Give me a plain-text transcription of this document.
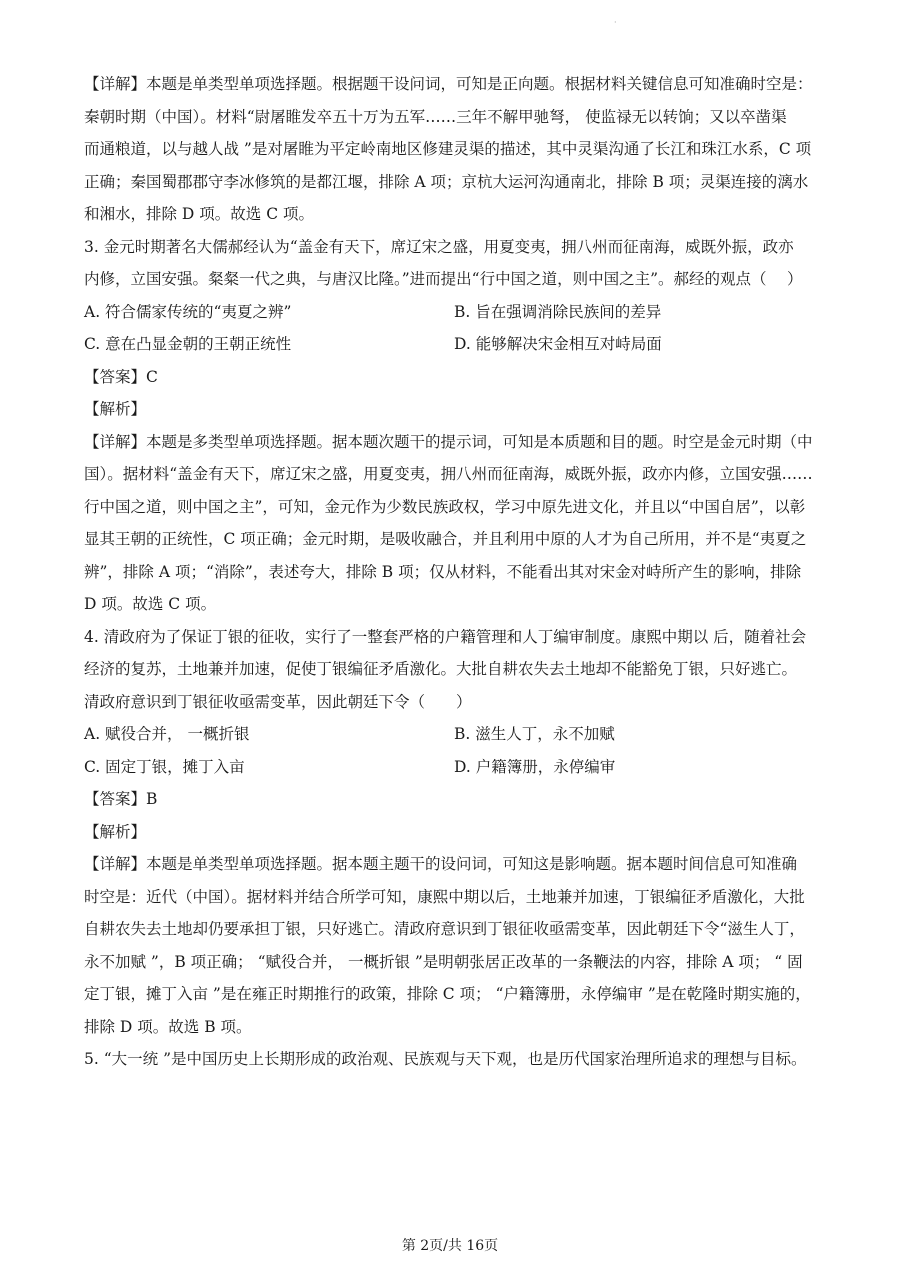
·

【详解】本题是单类型单项选择题。根据题干设问词，可知是正向题。根据材料关键信息可知准确时空是：

秦朝时期（中国）。材料“尉屠睢发卒五十万为五军……三年不解甲驰弩， 使监禄无以转饷；又以卒凿渠

而通粮道，以与越人战 ”是对屠睢为平定岭南地区修建灵渠的描述，其中灵渠沟通了长江和珠江水系，C 项

正确；秦国蜀郡郡守李冰修筑的是都江堰，排除 A 项；京杭大运河沟通南北，排除 B 项；灵渠连接的漓水

和湘水，排除 D 项。故选 C 项。

3. 金元时期著名大儒郝经认为“盖金有天下，席辽宋之盛，用夏变夷，拥八州而征南海，威既外振，政亦

内修，立国安强。粲粲一代之典，与唐汉比隆。”进而提出“行中国之道，则中国之主”。郝经的观点（　 ）

A. 符合儒家传统的“夷夏之辨”	B. 旨在强调消除民族间的差异
C. 意在凸显金朝的王朝正统性	D. 能够解决宋金相互对峙局面

【答案】C

【解析】

【详解】本题是多类型单项选择题。据本题次题干的提示词，可知是本质题和目的题。时空是金元时期（中

国）。据材料“盖金有天下，席辽宋之盛，用夏变夷，拥八州而征南海，威既外振，政亦内修，立国安强……

行中国之道，则中国之主”，可知，金元作为少数民族政权，学习中原先进文化，并且以“中国自居”，以彰

显其王朝的正统性，C 项正确；金元时期，是吸收融合，并且利用中原的人才为自己所用，并不是“夷夏之

辨”，排除 A 项；“消除”，表述夸大，排除 B 项；仅从材料，不能看出其对宋金对峙所产生的影响，排除

D 项。故选 C 项。

4. 清政府为了保证丁银的征收，实行了一整套严格的户籍管理和人丁编审制度。康熙中期以 后，随着社会

经济的复苏，土地兼并加速，促使丁银编征矛盾激化。大批自耕农失去土地却不能豁免丁银，只好逃亡。

清政府意识到丁银征收亟需变革，因此朝廷下令（　　）

A. 赋役合并， 一概折银	B. 滋生人丁，永不加赋
C. 固定丁银，摊丁入亩	D. 户籍簿册，永停编审

【答案】B

【解析】

【详解】本题是单类型单项选择题。据本题主题干的设问词，可知这是影响题。据本题时间信息可知准确

时空是：近代（中国）。据材料并结合所学可知，康熙中期以后，土地兼并加速，丁银编征矛盾激化，大批

自耕农失去土地却仍要承担丁银，只好逃亡。清政府意识到丁银征收亟需变革，因此朝廷下令“滋生人丁，

永不加赋 ”，B 项正确； “赋役合并， 一概折银 ”是明朝张居正改革的一条鞭法的内容，排除 A 项； “ 固

定丁银，摊丁入亩 ”是在雍正时期推行的政策，排除 C 项； “户籍簿册，永停编审 ”是在乾隆时期实施的，

排除 D 项。故选 B 项。

5. “大一统 ”是中国历史上长期形成的政治观、民族观与天下观，也是历代国家治理所追求的理想与目标。

第 2页/共 16页
